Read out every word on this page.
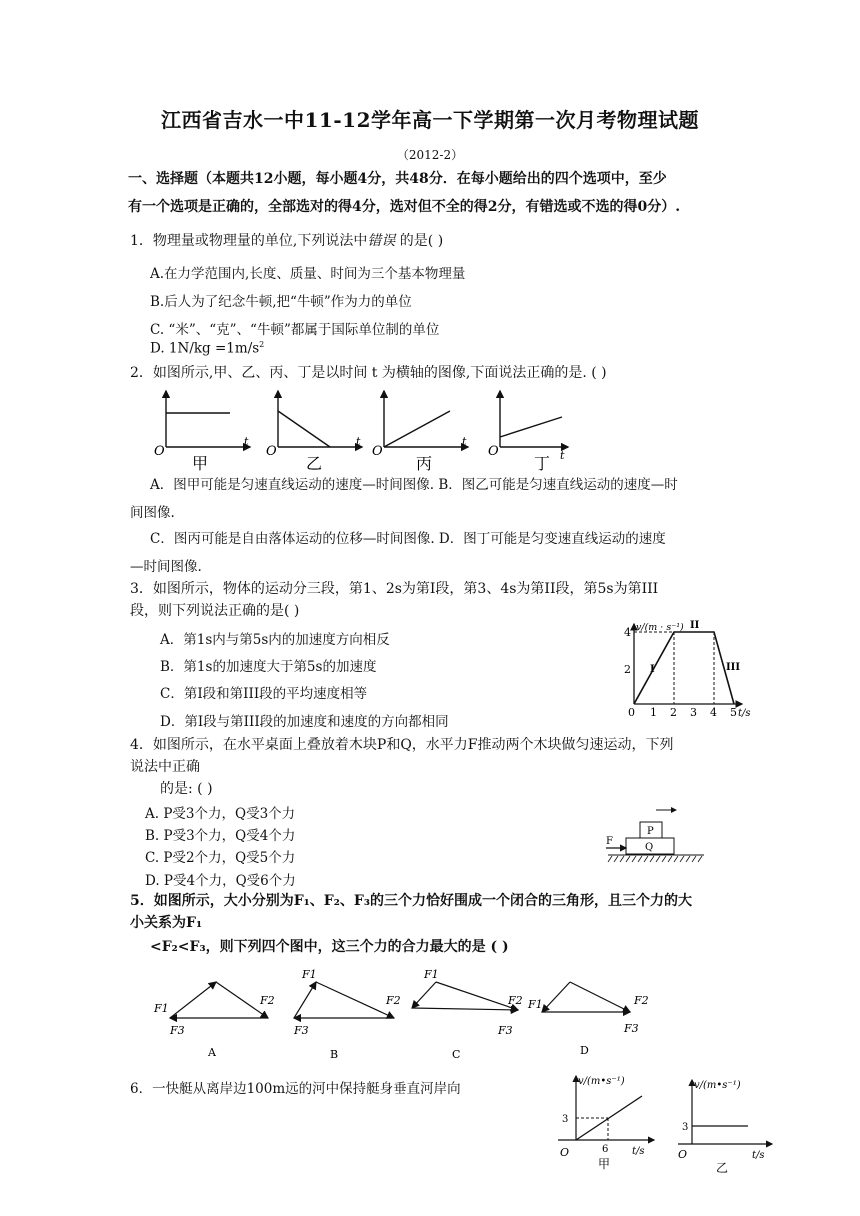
江西省吉水一中11-12学年高一下学期第一次月考物理试题
（2012-2）
一、选择题（本题共12小题，每小题4分，共48分．在每小题给出的四个选项中，至少
有一个选项是正确的，全部选对的得4分，选对但不全的得2分，有错选或不选的得0分）.
1．物理量或物理量的单位,下列说法中错误 的是( )
A.在力学范围内,长度、质量、时间为三个基本物理量
B.后人为了纪念牛顿,把“牛顿”作为力的单位
C. “米”、“克”、“牛顿”都属于国际单位制的单位
D. $1N/kg =1m/s^2$
2．如图所示,甲、乙、丙、丁是以时间 t 为横轴的图像,下面说法正确的是. ( )
O
t
甲
O
t
乙
O
t
丙
O	t
丁
A．图甲可能是匀速直线运动的速度—时间图像. B．图乙可能是匀速直线运动的速度—时
间图像.
C．图丙可能是自由落体运动的位移—时间图像. D．图丁可能是匀变速直线运动的速度
—时间图像.
3．如图所示，物体的运动分三段，第1、2s为第Ⅰ段，第3、4s为第II段，第5s为第III
段，则下列说法正确的是( )
A．第1s内与第5s内的加速度方向相反
B．第1s的加速度大于第5s的加速度
C．第Ⅰ段和第III段的平均速度相等
D．第Ⅰ段与第III段的加速度和速度的方向都相同
v/(m · s⁻¹)
t/s
2
4
0 1 2 3 4 5
I
II
III
4．如图所示，在水平桌面上叠放着木块P和Q，水平力F推动两个木块做匀速运动，下列
说法中正确
的是: ( )
A. P受3个力，Q受3个力
B. P受3个力，Q受4个力
C. P受2个力，Q受5个力
D. P受4个力，Q受6个力
P
Q
F
5．如图所示，大小分别为F₁、F₂、F₃的三个力恰好围成一个闭合的三角形，且三个力的大
小关系为F₁
<F₂<F₃，则下列四个图中，这三个力的合力最大的是 ( )
F1
F2
F3
A
F1
F2
F3
B
F1
F2
F3
C
F1	F2
F3
D
6．一快艇从离岸边100m远的河中保持艇身垂直河岸向	v/(m•s⁻¹)
t/s
3
6
O
甲
v/(m•s⁻¹)
t/s
3
O
乙
